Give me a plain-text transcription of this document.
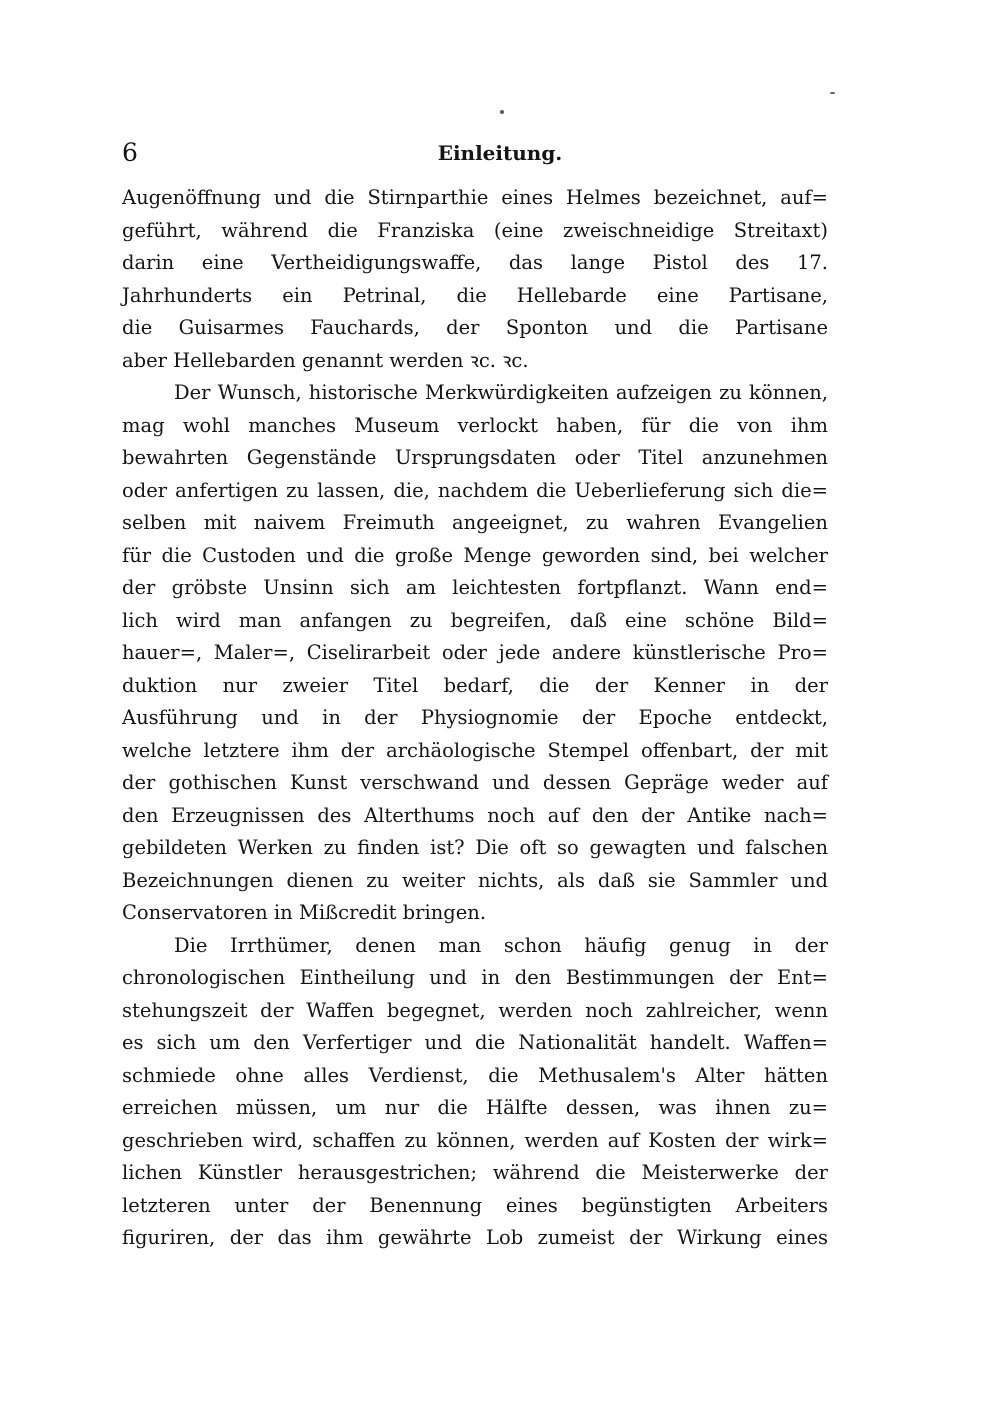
6	Einleitung.
Augenöffnung und die Stirnparthie eines Helmes bezeichnet, auf=
geführt, während die Franziska (eine zweischneidige Streitaxt)
darin eine Vertheidigungswaffe, das lange Pistol des 17.
Jahrhunderts ein Petrinal, die Hellebarde eine Partisane,
die Guisarmes Fauchards, der Sponton und die Partisane
aber Hellebarden genannt werden ꝛc. ꝛc.
Der Wunsch, historische Merkwürdigkeiten aufzeigen zu können,
mag wohl manches Museum verlockt haben, für die von ihm
bewahrten Gegenstände Ursprungsdaten oder Titel anzunehmen
oder anfertigen zu lassen, die, nachdem die Ueberlieferung sich die=
selben mit naivem Freimuth angeeignet, zu wahren Evangelien
für die Custoden und die große Menge geworden sind, bei welcher
der gröbste Unsinn sich am leichtesten fortpflanzt. Wann end=
lich wird man anfangen zu begreifen, daß eine schöne Bild=
hauer=, Maler=, Ciselirarbeit oder jede andere künstlerische Pro=
duktion nur zweier Titel bedarf, die der Kenner in der
Ausführung und in der Physiognomie der Epoche entdeckt,
welche letztere ihm der archäologische Stempel offenbart, der mit
der gothischen Kunst verschwand und dessen Gepräge weder auf
den Erzeugnissen des Alterthums noch auf den der Antike nach=
gebildeten Werken zu finden ist? Die oft so gewagten und falschen
Bezeichnungen dienen zu weiter nichts, als daß sie Sammler und
Conservatoren in Mißcredit bringen.
Die Irrthümer, denen man schon häufig genug in der
chronologischen Eintheilung und in den Bestimmungen der Ent=
stehungszeit der Waffen begegnet, werden noch zahlreicher, wenn
es sich um den Verfertiger und die Nationalität handelt. Waffen=
schmiede ohne alles Verdienst, die Methusalem's Alter hätten
erreichen müssen, um nur die Hälfte dessen, was ihnen zu=
geschrieben wird, schaffen zu können, werden auf Kosten der wirk=
lichen Künstler herausgestrichen; während die Meisterwerke der
letzteren unter der Benennung eines begünstigten Arbeiters
figuriren, der das ihm gewährte Lob zumeist der Wirkung eines
